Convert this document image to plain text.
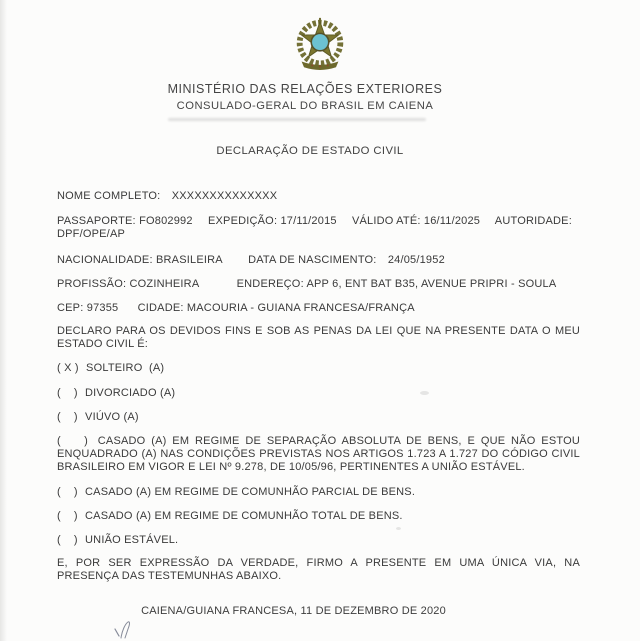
MINISTÉRIO DAS RELAÇÕES EXTERIORES
CONSULADO-GERAL DO BRASIL EM CAIENA
DECLARAÇÃO DE ESTADO CIVIL
NOME COMPLETO: XXXXXXXXXXXXXX
PASSAPORTE: FO802992 EXPEDIÇÃO: 17/11/2015 VÁLIDO ATÉ: 16/11/2025 AUTORIDADE:
DPF/OPE/AP
NACIONALIDADE: BRASILEIRA DATA DE NASCIMENTO: 24/05/1952
PROFISSÃO: COZINHEIRA	ENDEREÇO: APP 6, ENT BAT B35, AVENUE PRIPRI - SOULA
CEP: 97355 CIDADE: MACOURIA - GUIANA FRANCESA/FRANÇA
DECLARO PARA OS DEVIDOS FINS E SOB AS PENAS DA LEI QUE NA PRESENTE DATA O MEU ESTADO CIVIL É:
( X ) SOLTEIRO  (A)
(    ) DIVORCIADO (A)
(    ) VIÚVO (A)
(    ) CASADO (A) EM REGIME DE SEPARAÇÃO ABSOLUTA DE BENS, E QUE NÃO ESTOU ENQUADRADO (A) NAS CONDIÇÕES PREVISTAS NOS ARTIGOS 1.723 A 1.727 DO CÓDIGO CIVIL BRASILEIRO EM VIGOR E LEI Nº 9.278, DE 10/05/96, PERTINENTES A UNIÃO ESTÁVEL.
(    ) CASADO (A) EM REGIME DE COMUNHÃO PARCIAL DE BENS.
(    ) CASADO (A) EM REGIME DE COMUNHÃO TOTAL DE BENS.
(    ) UNIÃO ESTÁVEL.
E, POR SER EXPRESSÃO DA VERDADE, FIRMO A PRESENTE EM UMA ÚNICA VIA, NA PRESENÇA DAS TESTEMUNHAS ABAIXO.
CAIENA/GUIANA FRANCESA, 11 DE DEZEMBRO DE 2020
